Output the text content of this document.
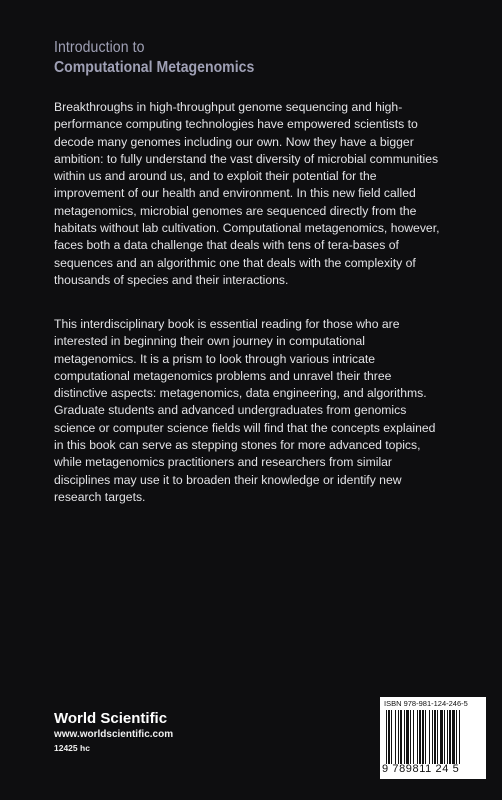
Introduction to
Computational Metagenomics
Breakthroughs in high-throughput genome sequencing and high-performance computing technologies have empowered scientists to decode many genomes including our own. Now they have a bigger ambition: to fully understand the vast diversity of microbial communities within us and around us, and to exploit their potential for the improvement of our health and environment. In this new field called metagenomics, microbial genomes are sequenced directly from the habitats without lab cultivation. Computational metagenomics, however, faces both a data challenge that deals with tens of tera-bases of sequences and an algorithmic one that deals with the complexity of thousands of species and their interactions.
This interdisciplinary book is essential reading for those who are interested in beginning their own journey in computational metagenomics. It is a prism to look through various intricate computational metagenomics problems and unravel their three distinctive aspects: metagenomics, data engineering, and algorithms. Graduate students and advanced undergraduates from genomics science or computer science fields will find that the concepts explained in this book can serve as stepping stones for more advanced topics, while metagenomics practitioners and researchers from similar disciplines may use it to broaden their knowledge or identify new research targets.
World Scientific
www.worldscientific.com
12425 hc
ISBN 978-981-124-246-5
9 789811 24 5
